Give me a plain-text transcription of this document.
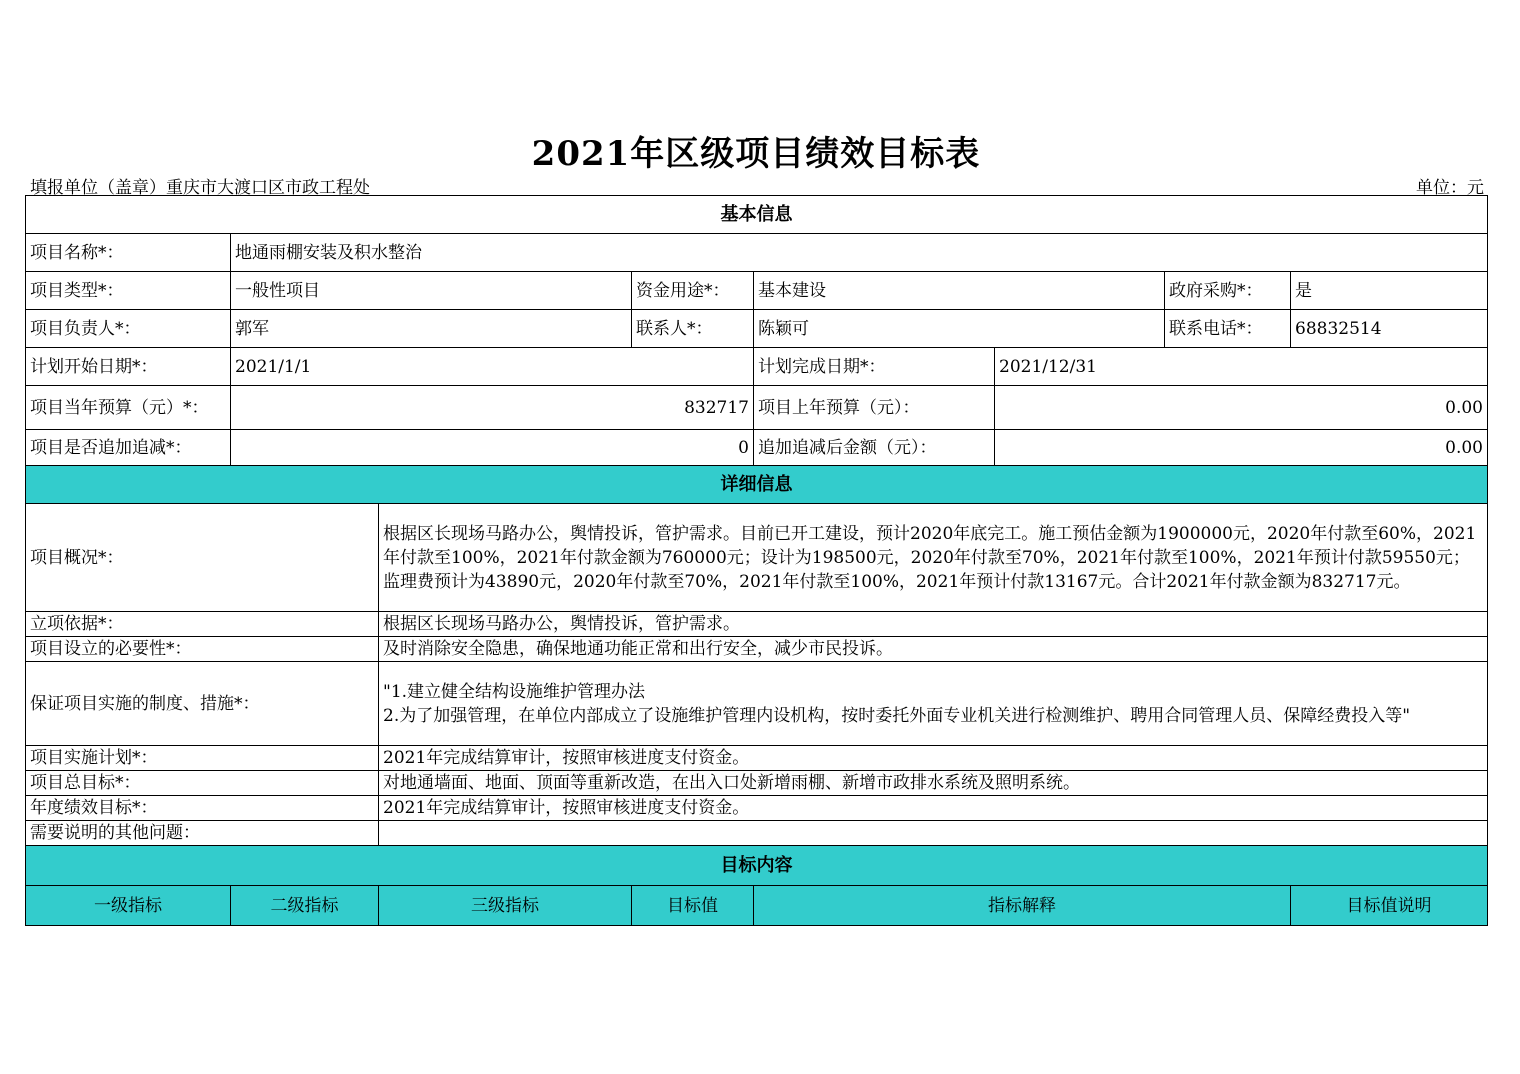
2021年区级项目绩效目标表
填报单位（盖章）重庆市大渡口区市政工程处	单位：元
基本信息							
项目名称*：	地通雨棚安装及积水整治						
项目类型*：	一般性项目		资金用途*：	基本建设		政府采购*：	是
项目负责人*：	郭军		联系人*：	陈颖可		联系电话*：	68832514
计划开始日期*：	2021/1/1			计划完成日期*：	2021/12/31		
项目当年预算（元）*：	832717			项目上年预算（元）：	0.00		
项目是否追加追减*：	0			追加追减后金额（元）：	0.00		
详细信息							
项目概况*：		根据区长现场马路办公，舆情投诉，管护需求。目前已开工建设，预计2020年底完工。施工预估金额为1900000元，2020年付款至60%，2021年付款至100%，2021年付款金额为760000元；设计为198500元，2020年付款至70%，2021年付款至100%，2021年预计付款59550元；监理费预计为43890元，2020年付款至70%，2021年付款至100%，2021年预计付款13167元。合计2021年付款金额为832717元。					
立项依据*：		根据区长现场马路办公，舆情投诉，管护需求。					
项目设立的必要性*：		及时消除安全隐患，确保地通功能正常和出行安全，减少市民投诉。					
保证项目实施的制度、措施*：		"1.建立健全结构设施维护管理办法
2.为了加强管理，在单位内部成立了设施维护管理内设机构，按时委托外面专业机关进行检测维护、聘用合同管理人员、保障经费投入等"					

项目实施计划*：		2021年完成结算审计，按照审核进度支付资金。					
项目总目标*：		对地通墙面、地面、顶面等重新改造，在出入口处新增雨棚、新增市政排水系统及照明系统。					
年度绩效目标*：		2021年完成结算审计，按照审核进度支付资金。					
需要说明的其他问题：							
目标内容							
一级指标	二级指标	三级指标	目标值	指标解释			目标值说明
